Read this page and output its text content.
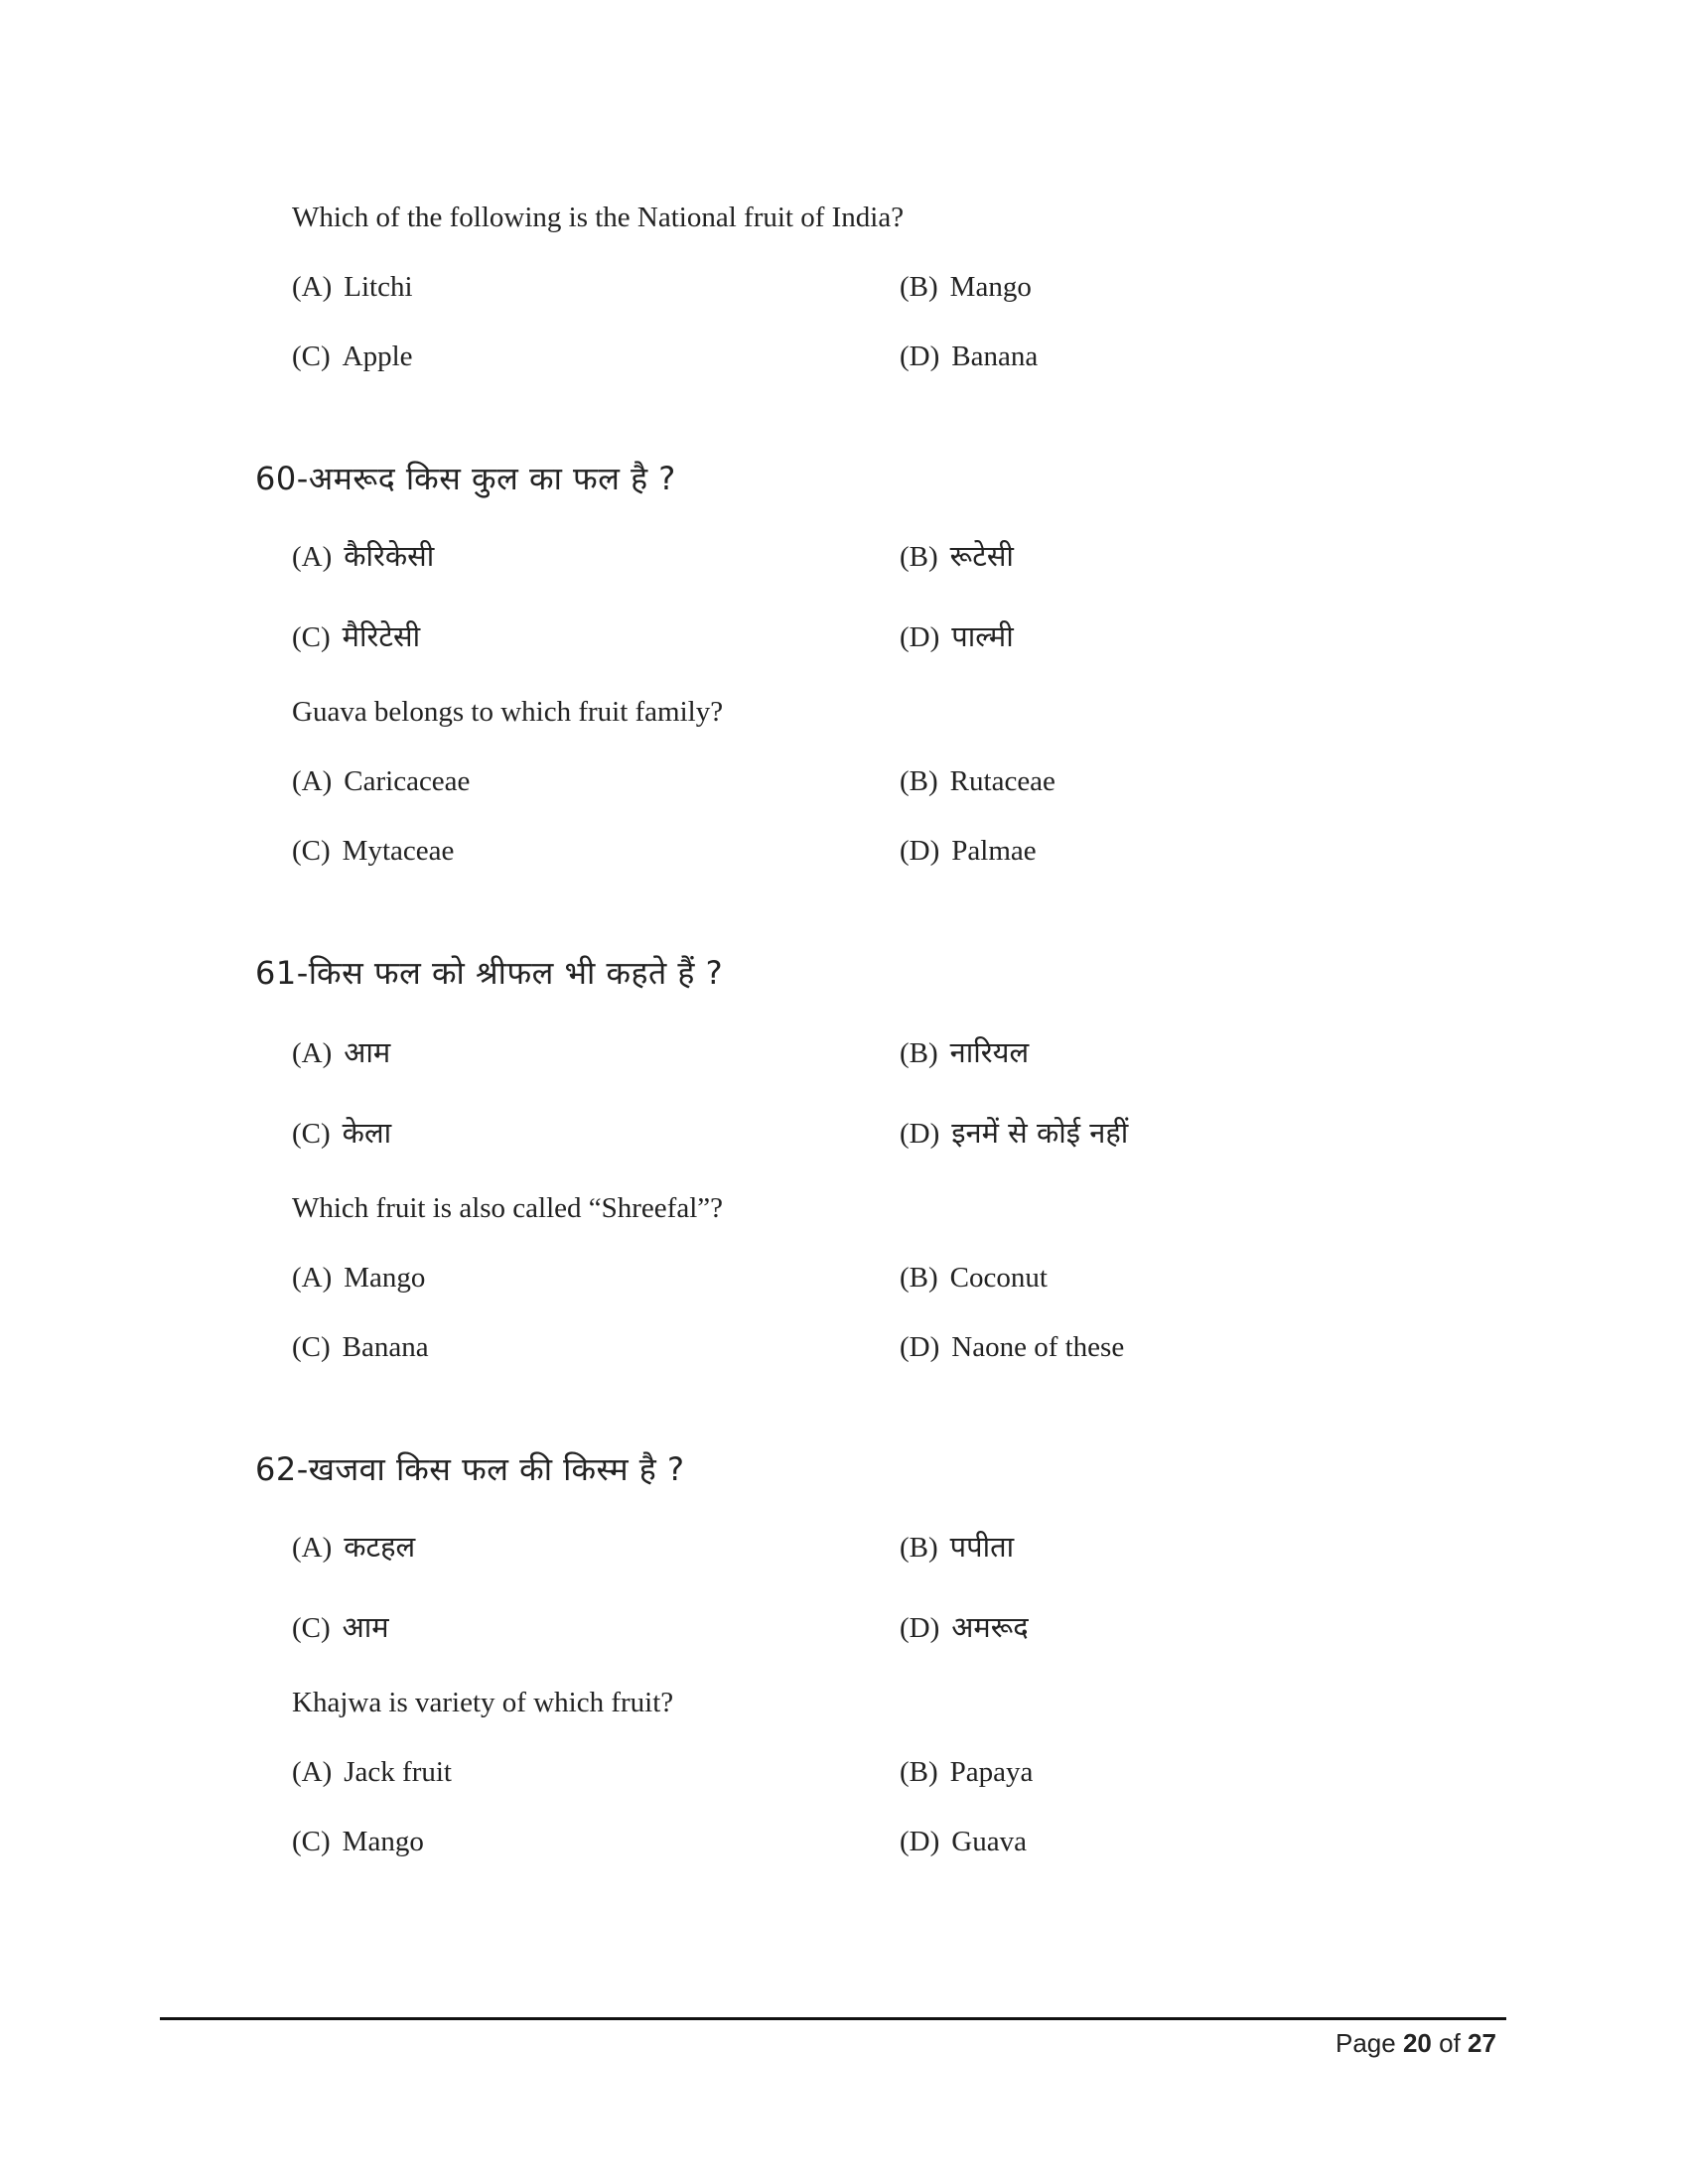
Which of the following is the National fruit of India?
(A) Litchi	(B) Mango
(C) Apple	(D) Banana
60-अमरूद किस कुल का फल है ?
(A) कैरिकेसी	(B) रूटेसी
(C) मैरिटेसी	(D) पाल्मी
Guava belongs to which fruit family?
(A) Caricaceae	(B) Rutaceae
(C) Mytaceae	(D) Palmae
61-किस फल को श्रीफल भी कहते हैं ?
(A) आम	(B) नारियल
(C) केला	(D) इनमें से कोई नहीं
Which fruit is also called “Shreefal”?
(A) Mango	(B) Coconut
(C) Banana	(D) Naone of these
62-खजवा किस फल की किस्म है ?
(A) कटहल	(B) पपीता
(C) आम	(D) अमरूद
Khajwa is variety of which fruit?
(A) Jack fruit	(B) Papaya
(C) Mango	(D) Guava
Page 20 of 27
